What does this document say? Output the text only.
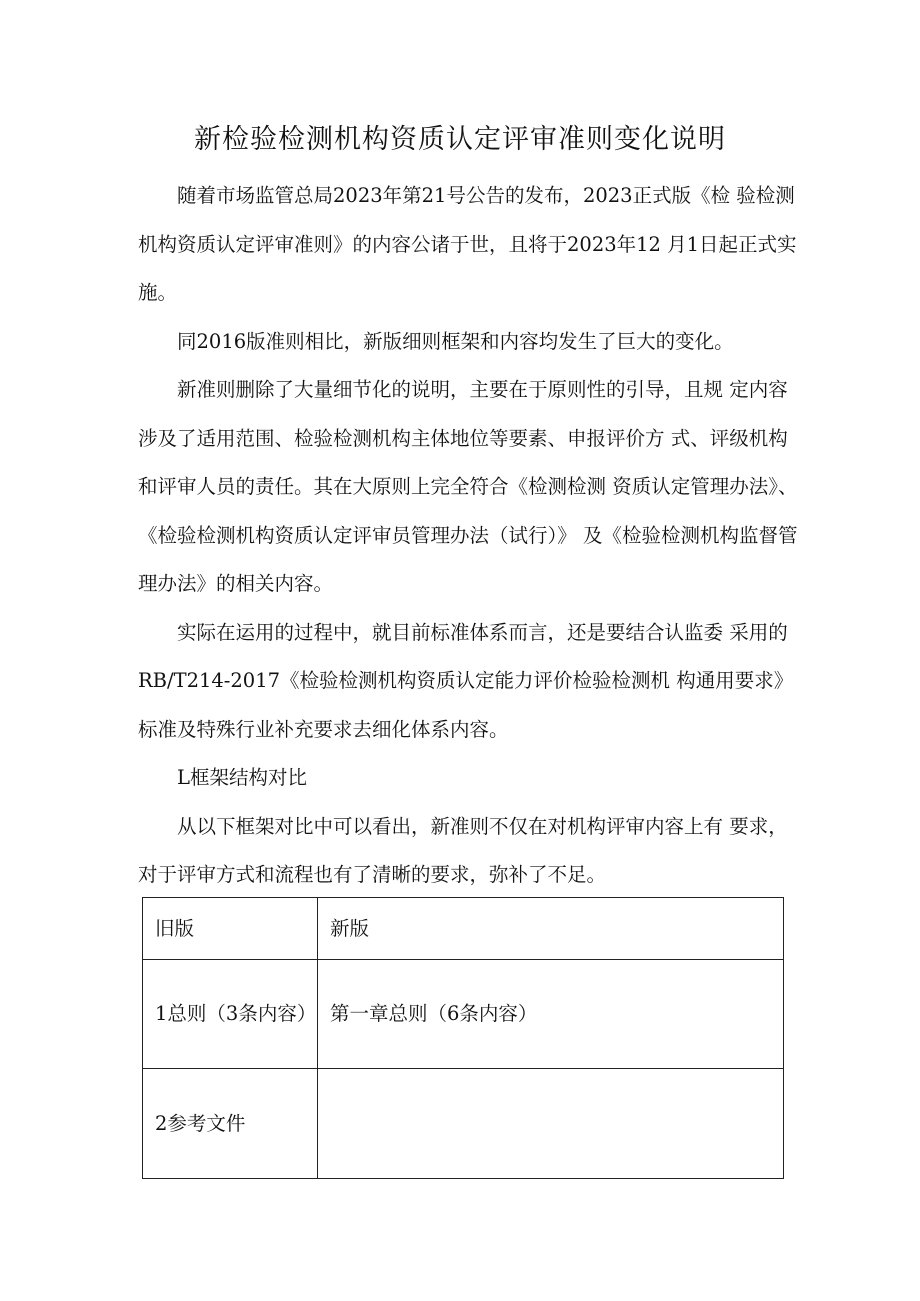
新检验检测机构资质认定评审准则变化说明

随着市场监管总局2023年第21号公告的发布，2023正式版《检 验检测机构资质认定评审准则》的内容公诸于世，且将于2023年12 月1日起正式实施。

同2016版准则相比，新版细则框架和内容均发生了巨大的变化。

新准则删除了大量细节化的说明，主要在于原则性的引导，且规 定内容涉及了适用范围、检验检测机构主体地位等要素、申报评价方 式、评级机构和评审人员的责任。其在大原则上完全符合《检测检测 资质认定管理办法》、《检验检测机构资质认定评审员管理办法（试行）》 及《检验检测机构监督管理办法》的相关内容。

实际在运用的过程中，就目前标准体系而言，还是要结合认监委 采用的RB/T214-2017《检验检测机构资质认定能力评价检验检测机 构通用要求》标准及特殊行业补充要求去细化体系内容。

L框架结构对比

从以下框架对比中可以看出，新准则不仅在对机构评审内容上有 要求，对于评审方式和流程也有了清晰的要求，弥补了不足。

旧版	新版
1总则（3条内容）	第一章总则（6条内容）
2参考文件	
